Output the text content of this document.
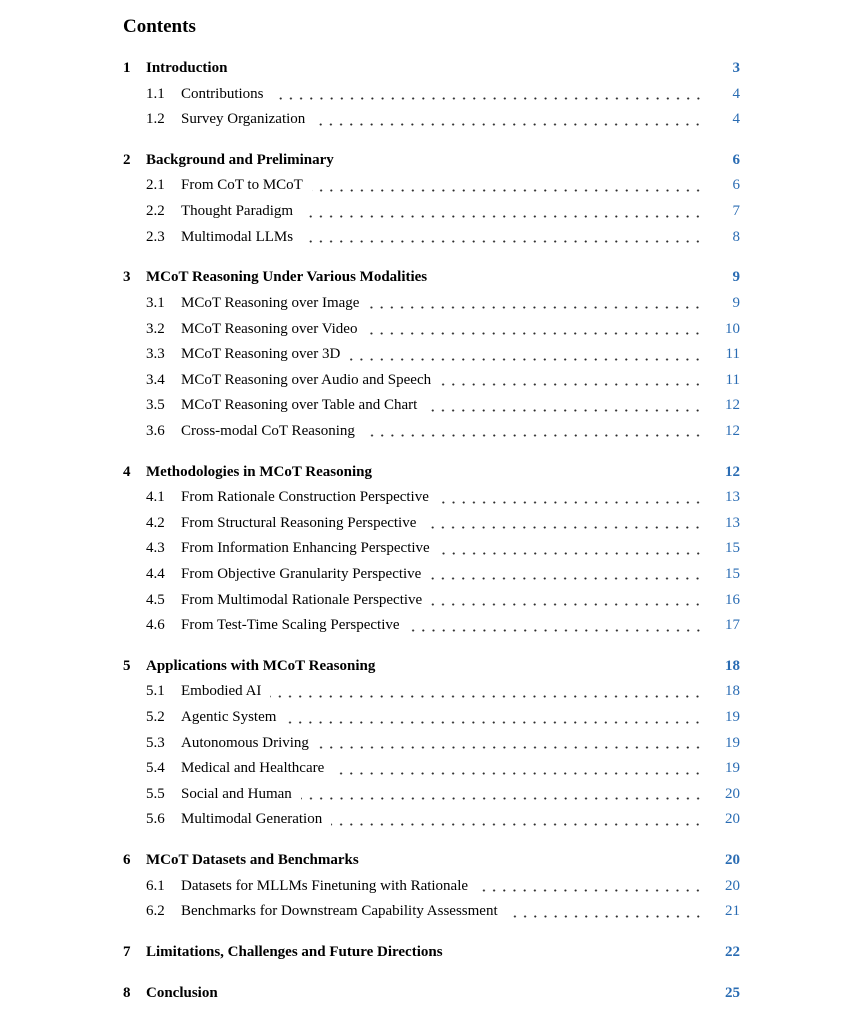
Contents
1	Introduction	3
1.1	Contributions	4
1.2	Survey Organization	4
2	Background and Preliminary	6
2.1	From CoT to MCoT	6
2.2	Thought Paradigm	7
2.3	Multimodal LLMs	8
3	MCoT Reasoning Under Various Modalities	9
3.1	MCoT Reasoning over Image	9
3.2	MCoT Reasoning over Video	10
3.3	MCoT Reasoning over 3D	11
3.4	MCoT Reasoning over Audio and Speech	11
3.5	MCoT Reasoning over Table and Chart	12
3.6	Cross-modal CoT Reasoning	12
4	Methodologies in MCoT Reasoning	12
4.1	From Rationale Construction Perspective	13
4.2	From Structural Reasoning Perspective	13
4.3	From Information Enhancing Perspective	15
4.4	From Objective Granularity Perspective	15
4.5	From Multimodal Rationale Perspective	16
4.6	From Test-Time Scaling Perspective	17
5	Applications with MCoT Reasoning	18
5.1	Embodied AI	18
5.2	Agentic System	19
5.3	Autonomous Driving	19
5.4	Medical and Healthcare	19
5.5	Social and Human	20
5.6	Multimodal Generation	20
6	MCoT Datasets and Benchmarks	20
6.1	Datasets for MLLMs Finetuning with Rationale	20
6.2	Benchmarks for Downstream Capability Assessment	21
7	Limitations, Challenges and Future Directions	22
8	Conclusion	25
